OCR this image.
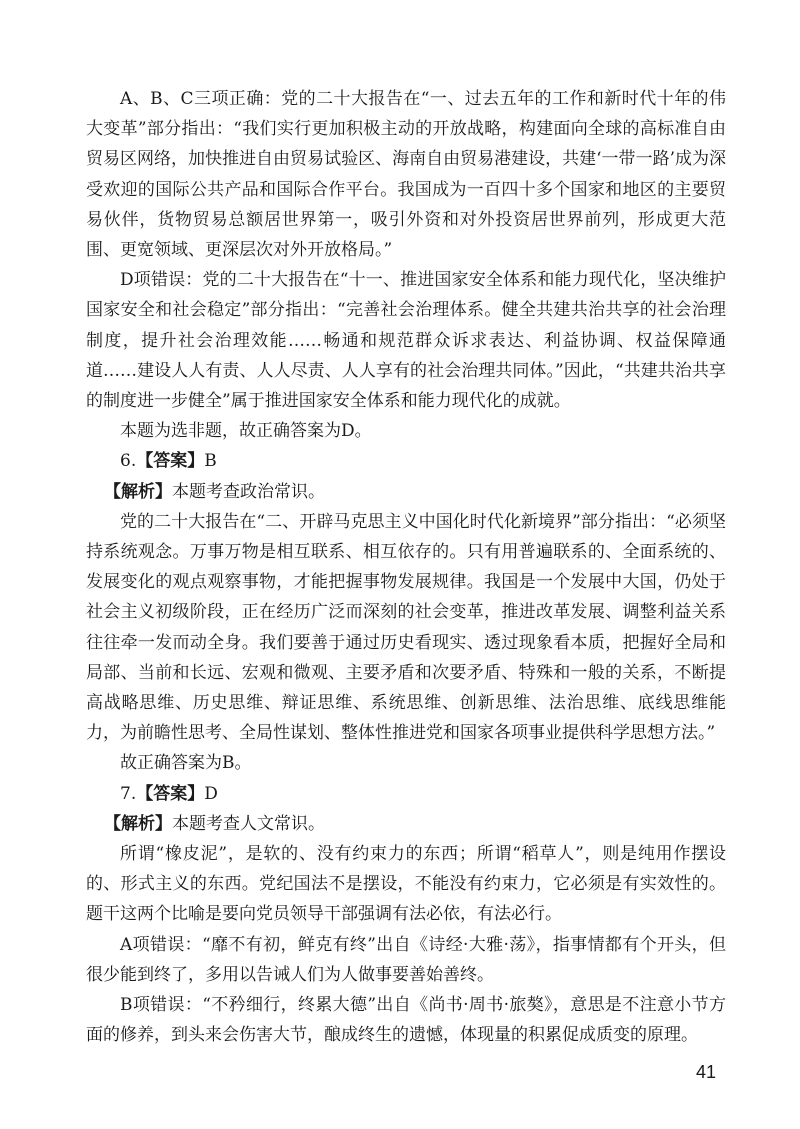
A、B、C三项正确：党的二十大报告在“一、过去五年的工作和新时代十年的伟大变革”部分指出：“我们实行更加积极主动的开放战略，构建面向全球的高标准自由贸易区网络，加快推进自由贸易试验区、海南自由贸易港建设，共建‘一带一路’成为深受欢迎的国际公共产品和国际合作平台。我国成为一百四十多个国家和地区的主要贸易伙伴，货物贸易总额居世界第一，吸引外资和对外投资居世界前列，形成更大范围、更宽领域、更深层次对外开放格局。”

D项错误：党的二十大报告在“十一、推进国家安全体系和能力现代化，坚决维护国家安全和社会稳定”部分指出：“完善社会治理体系。健全共建共治共享的社会治理制度，提升社会治理效能……畅通和规范群众诉求表达、利益协调、权益保障通道……建设人人有责、人人尽责、人人享有的社会治理共同体。”因此，“共建共治共享的制度进一步健全”属于推进国家安全体系和能力现代化的成就。

本题为选非题，故正确答案为D。

6.【答案】B

【解析】本题考查政治常识。

党的二十大报告在“二、开辟马克思主义中国化时代化新境界”部分指出：“必须坚持系统观念。万事万物是相互联系、相互依存的。只有用普遍联系的、全面系统的、发展变化的观点观察事物，才能把握事物发展规律。我国是一个发展中大国，仍处于社会主义初级阶段，正在经历广泛而深刻的社会变革，推进改革发展、调整利益关系往往牵一发而动全身。我们要善于通过历史看现实、透过现象看本质，把握好全局和局部、当前和长远、宏观和微观、主要矛盾和次要矛盾、特殊和一般的关系，不断提高战略思维、历史思维、辩证思维、系统思维、创新思维、法治思维、底线思维能力，为前瞻性思考、全局性谋划、整体性推进党和国家各项事业提供科学思想方法。”

故正确答案为B。

7.【答案】D

【解析】本题考查人文常识。

所谓“橡皮泥”，是软的、没有约束力的东西；所谓“稻草人”，则是纯用作摆设的、形式主义的东西。党纪国法不是摆设，不能没有约束力，它必须是有实效性的。题干这两个比喻是要向党员领导干部强调有法必依，有法必行。

A项错误：“靡不有初，鲜克有终”出自《诗经·大雅·荡》，指事情都有个开头，但很少能到终了，多用以告诫人们为人做事要善始善终。

B项错误：“不矜细行，终累大德”出自《尚书·周书·旅獒》，意思是不注意小节方面的修养，到头来会伤害大节，酿成终生的遗憾，体现量的积累促成质变的原理。

41
